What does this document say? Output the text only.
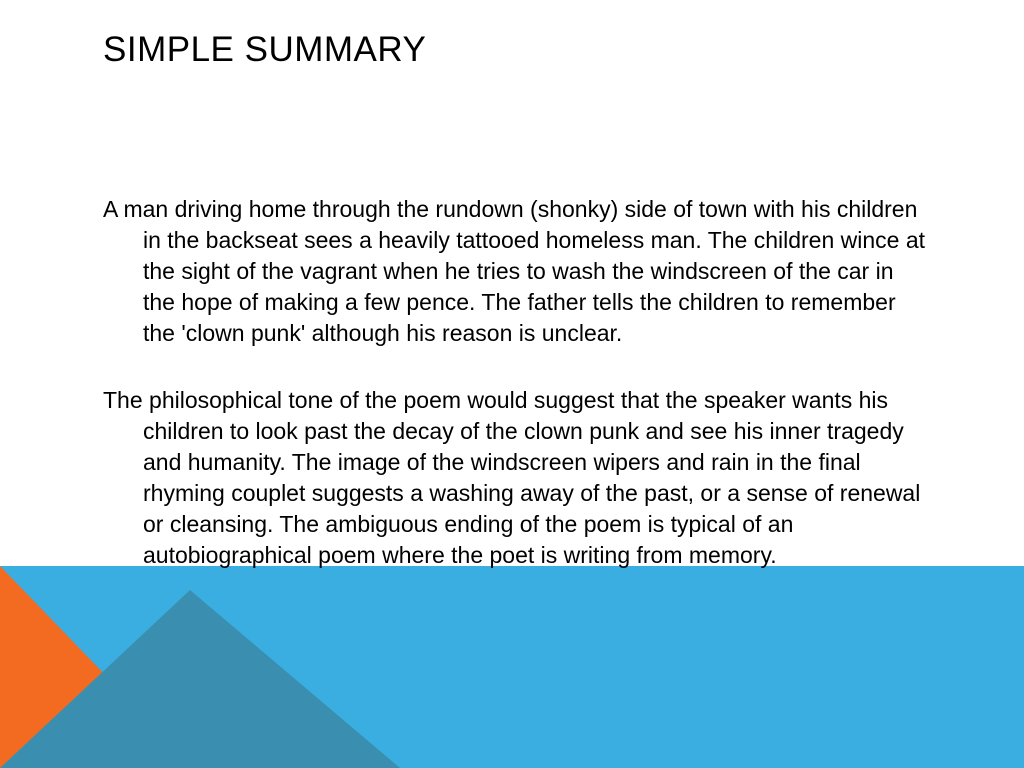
SIMPLE SUMMARY

A man driving home through the rundown (shonky) side of town with his children in the backseat sees a heavily tattooed homeless man. The children wince at the sight of the vagrant when he tries to wash the windscreen of the car in the hope of making a few pence. The father tells the children to remember the 'clown punk' although his reason is unclear.

The philosophical tone of the poem would suggest that the speaker wants his children to look past the decay of the clown punk and see his inner tragedy and humanity. The image of the windscreen wipers and rain in the final rhyming couplet suggests a washing away of the past, or a sense of renewal or cleansing. The ambiguous ending of the poem is typical of an autobiographical poem where the poet is writing from memory.
